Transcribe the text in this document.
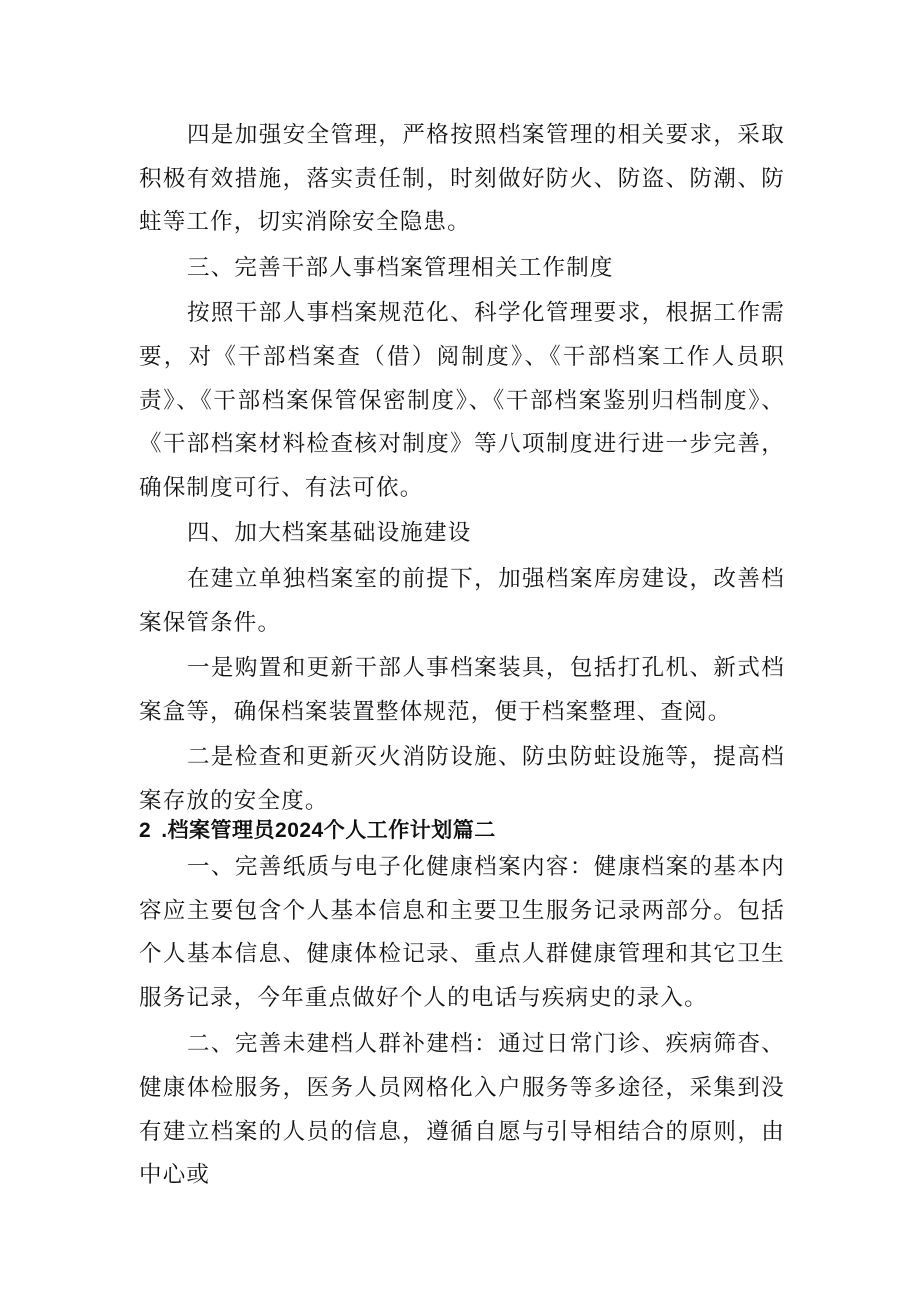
四是加强安全管理，严格按照档案管理的相关要求，采取积极有效措施，落实责任制，时刻做好防火、防盗、防潮、防蛀等工作，切实消除安全隐患。

三、完善干部人事档案管理相关工作制度

按照干部人事档案规范化、科学化管理要求，根据工作需要，对《干部档案查（借）阅制度》、《干部档案工作人员职责》、《干部档案保管保密制度》、《干部档案鉴别归档制度》、《干部档案材料检查核对制度》等八项制度进行进一步完善，确保制度可行、有法可依。

四、加大档案基础设施建设

在建立单独档案室的前提下，加强档案库房建设，改善档案保管条件。

一是购置和更新干部人事档案装具，包括打孔机、新式档案盒等，确保档案装置整体规范，便于档案整理、查阅。

二是检查和更新灭火消防设施、防虫防蛀设施等，提高档案存放的安全度。

2 .档案管理员2024个人工作计划篇二

一、完善纸质与电子化健康档案内容：健康档案的基本内容应主要包含个人基本信息和主要卫生服务记录两部分。包括个人基本信息、健康体检记录、重点人群健康管理和其它卫生服务记录，今年重点做好个人的电话与疾病史的录入。

二、完善未建档人群补建档：通过日常门诊、疾病筛杳、健康体检服务，医务人员网格化入户服务等多途径，采集到没有建立档案的人员的信息，遵循自愿与引导相结合的原则，由中心或
